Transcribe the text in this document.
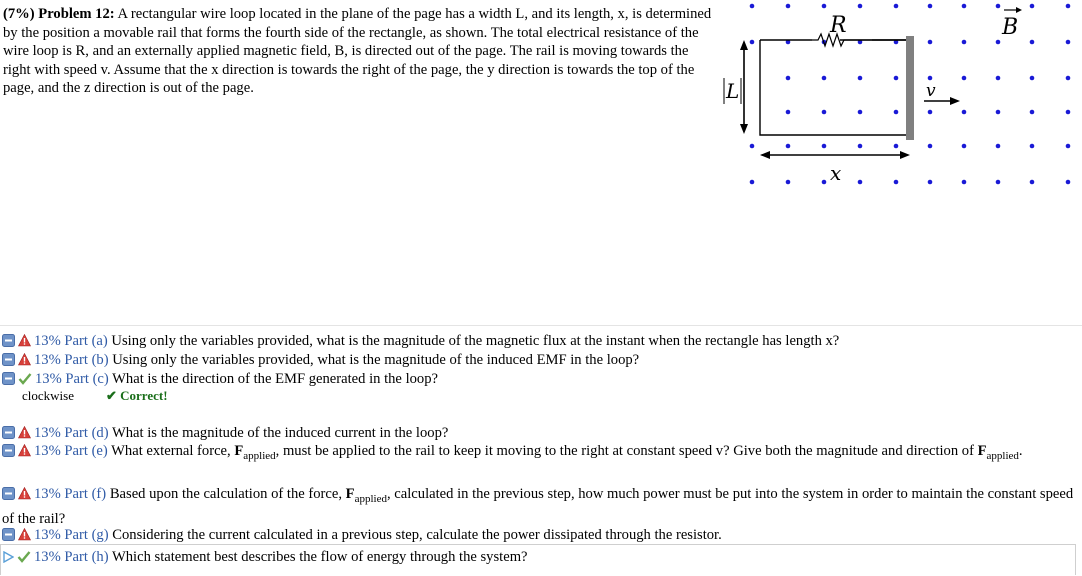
(7%) Problem 12: A rectangular wire loop located in the plane of the page has a width L, and its length, x, is determined by the position a movable rail that forms the fourth side of the rectangle, as shown. The total electrical resistance of the wire loop is R, and an externally applied magnetic field, B, is directed out of the page. The rail is moving towards the right with speed v. Assume that the x direction is towards the right of the page, the y direction is towards the top of the page, and the z direction is out of the page.
R	B
L	v
x
13% Part (a) Using only the variables provided, what is the magnitude of the magnetic flux at the instant when the rectangle has length x?
13% Part (b) Using only the variables provided, what is the magnitude of the induced EMF in the loop?
13% Part (c) What is the direction of the EMF generated in the loop?
clockwise ✔ Correct!
13% Part (d) What is the magnitude of the induced current in the loop?
13% Part (e) What external force, $F_{applied}$, must be applied to the rail to keep it moving to the right at constant speed v? Give both the magnitude and direction of $F_{applied}$.
13% Part (f) Based upon the calculation of the force, $F_{applied}$, calculated in the previous step, how much power must be put into the system in order to maintain the constant speed of the rail?
13% Part (g) Considering the current calculated in a previous step, calculate the power dissipated through the resistor.
13% Part (h) Which statement best describes the flow of energy through the system?
